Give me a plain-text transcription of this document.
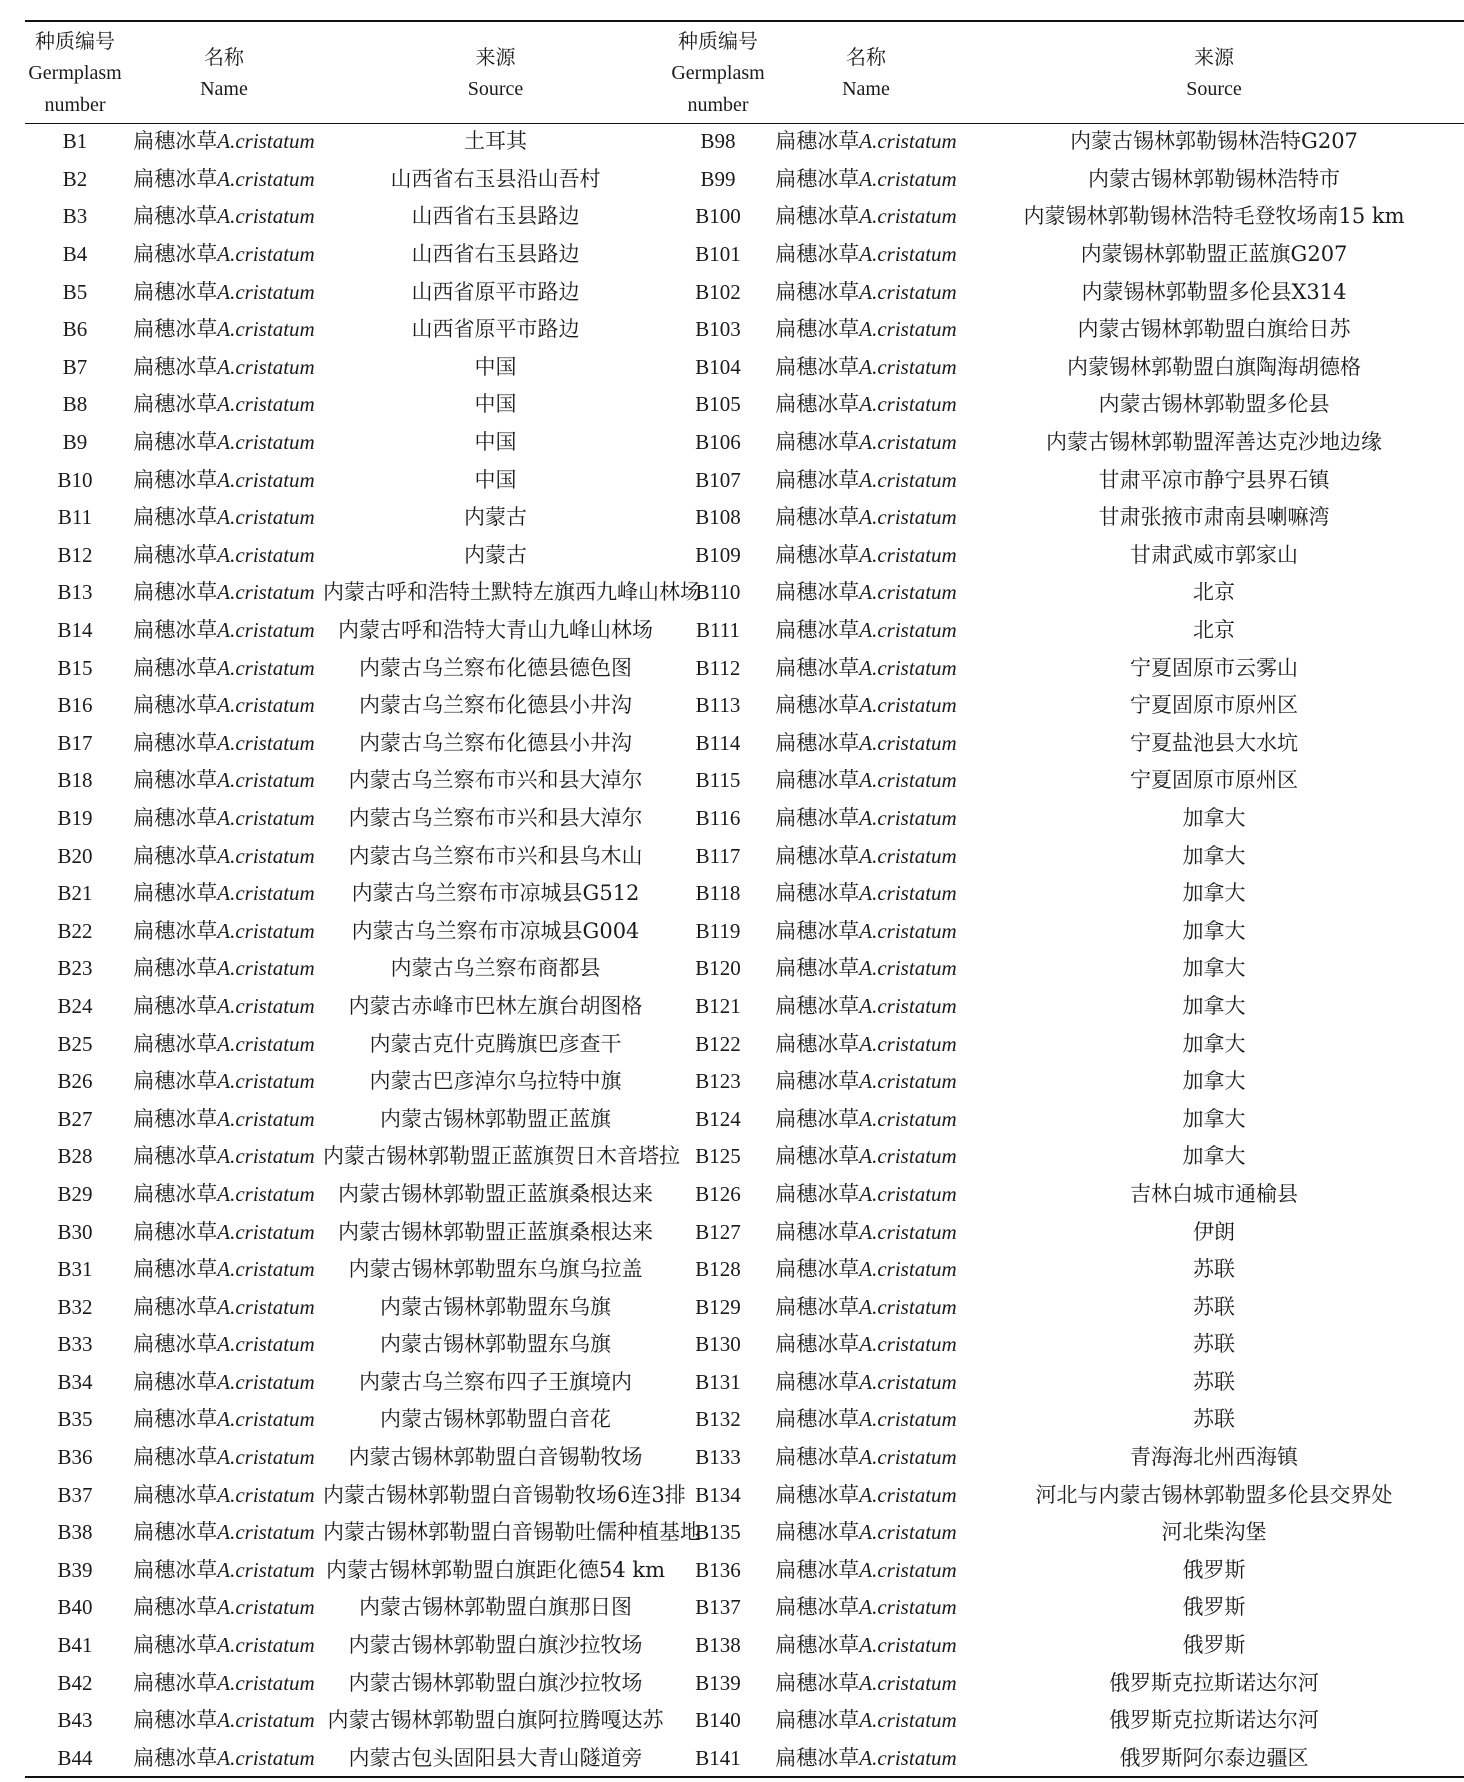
种质编号
Germplasm
number	名称
Name	来源
Source	种质编号
Germplasm
number	名称
Name	来源
Source

B1	扁穗冰草A.cristatum	土耳其	B98	扁穗冰草A.cristatum	内蒙古锡林郭勒锡林浩特G207
B2	扁穗冰草A.cristatum	山西省右玉县沿山吾村	B99	扁穗冰草A.cristatum	内蒙古锡林郭勒锡林浩特市
B3	扁穗冰草A.cristatum	山西省右玉县路边	B100	扁穗冰草A.cristatum	内蒙锡林郭勒锡林浩特毛登牧场南15 km
B4	扁穗冰草A.cristatum	山西省右玉县路边	B101	扁穗冰草A.cristatum	内蒙锡林郭勒盟正蓝旗G207
B5	扁穗冰草A.cristatum	山西省原平市路边	B102	扁穗冰草A.cristatum	内蒙锡林郭勒盟多伦县X314
B6	扁穗冰草A.cristatum	山西省原平市路边	B103	扁穗冰草A.cristatum	内蒙古锡林郭勒盟白旗给日苏
B7	扁穗冰草A.cristatum	中国	B104	扁穗冰草A.cristatum	内蒙锡林郭勒盟白旗陶海胡德格
B8	扁穗冰草A.cristatum	中国	B105	扁穗冰草A.cristatum	内蒙古锡林郭勒盟多伦县
B9	扁穗冰草A.cristatum	中国	B106	扁穗冰草A.cristatum	内蒙古锡林郭勒盟浑善达克沙地边缘
B10	扁穗冰草A.cristatum	中国	B107	扁穗冰草A.cristatum	甘肃平凉市静宁县界石镇
B11	扁穗冰草A.cristatum	内蒙古	B108	扁穗冰草A.cristatum	甘肃张掖市肃南县喇嘛湾
B12	扁穗冰草A.cristatum	内蒙古	B109	扁穗冰草A.cristatum	甘肃武威市郭家山
B13	扁穗冰草A.cristatum	内蒙古呼和浩特土默特左旗西九峰山林场	B110	扁穗冰草A.cristatum	北京
B14	扁穗冰草A.cristatum	内蒙古呼和浩特大青山九峰山林场	B111	扁穗冰草A.cristatum	北京
B15	扁穗冰草A.cristatum	内蒙古乌兰察布化德县德色图	B112	扁穗冰草A.cristatum	宁夏固原市云雾山
B16	扁穗冰草A.cristatum	内蒙古乌兰察布化德县小井沟	B113	扁穗冰草A.cristatum	宁夏固原市原州区
B17	扁穗冰草A.cristatum	内蒙古乌兰察布化德县小井沟	B114	扁穗冰草A.cristatum	宁夏盐池县大水坑
B18	扁穗冰草A.cristatum	内蒙古乌兰察布市兴和县大淖尔	B115	扁穗冰草A.cristatum	宁夏固原市原州区
B19	扁穗冰草A.cristatum	内蒙古乌兰察布市兴和县大淖尔	B116	扁穗冰草A.cristatum	加拿大
B20	扁穗冰草A.cristatum	内蒙古乌兰察布市兴和县乌木山	B117	扁穗冰草A.cristatum	加拿大
B21	扁穗冰草A.cristatum	内蒙古乌兰察布市凉城县G512	B118	扁穗冰草A.cristatum	加拿大
B22	扁穗冰草A.cristatum	内蒙古乌兰察布市凉城县G004	B119	扁穗冰草A.cristatum	加拿大
B23	扁穗冰草A.cristatum	内蒙古乌兰察布商都县	B120	扁穗冰草A.cristatum	加拿大
B24	扁穗冰草A.cristatum	内蒙古赤峰市巴林左旗台胡图格	B121	扁穗冰草A.cristatum	加拿大
B25	扁穗冰草A.cristatum	内蒙古克什克腾旗巴彦查干	B122	扁穗冰草A.cristatum	加拿大
B26	扁穗冰草A.cristatum	内蒙古巴彦淖尔乌拉特中旗	B123	扁穗冰草A.cristatum	加拿大
B27	扁穗冰草A.cristatum	内蒙古锡林郭勒盟正蓝旗	B124	扁穗冰草A.cristatum	加拿大
B28	扁穗冰草A.cristatum	内蒙古锡林郭勒盟正蓝旗贺日木音塔拉	B125	扁穗冰草A.cristatum	加拿大
B29	扁穗冰草A.cristatum	内蒙古锡林郭勒盟正蓝旗桑根达来	B126	扁穗冰草A.cristatum	吉林白城市通榆县
B30	扁穗冰草A.cristatum	内蒙古锡林郭勒盟正蓝旗桑根达来	B127	扁穗冰草A.cristatum	伊朗
B31	扁穗冰草A.cristatum	内蒙古锡林郭勒盟东乌旗乌拉盖	B128	扁穗冰草A.cristatum	苏联
B32	扁穗冰草A.cristatum	内蒙古锡林郭勒盟东乌旗	B129	扁穗冰草A.cristatum	苏联
B33	扁穗冰草A.cristatum	内蒙古锡林郭勒盟东乌旗	B130	扁穗冰草A.cristatum	苏联
B34	扁穗冰草A.cristatum	内蒙古乌兰察布四子王旗境内	B131	扁穗冰草A.cristatum	苏联
B35	扁穗冰草A.cristatum	内蒙古锡林郭勒盟白音花	B132	扁穗冰草A.cristatum	苏联
B36	扁穗冰草A.cristatum	内蒙古锡林郭勒盟白音锡勒牧场	B133	扁穗冰草A.cristatum	青海海北州西海镇
B37	扁穗冰草A.cristatum	内蒙古锡林郭勒盟白音锡勒牧场6连3排	B134	扁穗冰草A.cristatum	河北与内蒙古锡林郭勒盟多伦县交界处
B38	扁穗冰草A.cristatum	内蒙古锡林郭勒盟白音锡勒吐儒种植基地	B135	扁穗冰草A.cristatum	河北柴沟堡
B39	扁穗冰草A.cristatum	内蒙古锡林郭勒盟白旗距化德54 km	B136	扁穗冰草A.cristatum	俄罗斯
B40	扁穗冰草A.cristatum	内蒙古锡林郭勒盟白旗那日图	B137	扁穗冰草A.cristatum	俄罗斯
B41	扁穗冰草A.cristatum	内蒙古锡林郭勒盟白旗沙拉牧场	B138	扁穗冰草A.cristatum	俄罗斯
B42	扁穗冰草A.cristatum	内蒙古锡林郭勒盟白旗沙拉牧场	B139	扁穗冰草A.cristatum	俄罗斯克拉斯诺达尔河
B43	扁穗冰草A.cristatum	内蒙古锡林郭勒盟白旗阿拉腾嘎达苏	B140	扁穗冰草A.cristatum	俄罗斯克拉斯诺达尔河
B44	扁穗冰草A.cristatum	内蒙古包头固阳县大青山隧道旁	B141	扁穗冰草A.cristatum	俄罗斯阿尔泰边疆区
